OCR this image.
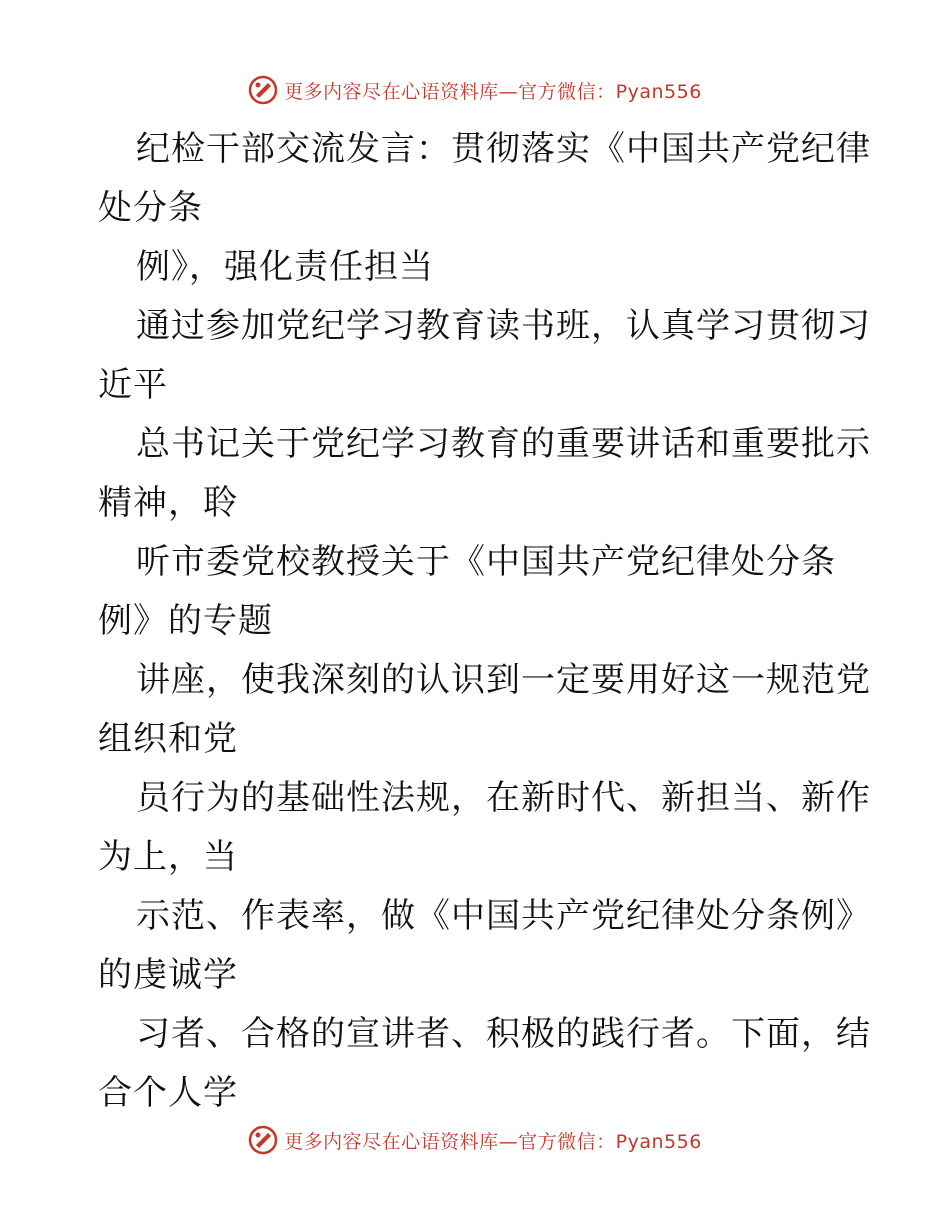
更多内容尽在心语资料库—官方微信：Pyan556
纪检干部交流发言：贯彻落实《中国共产党纪律
处分条
例》，强化责任担当
通过参加党纪学习教育读书班，认真学习贯彻习
近平
总书记关于党纪学习教育的重要讲话和重要批示
精神，聆
听市委党校教授关于《中国共产党纪律处分条
例》的专题
讲座，使我深刻的认识到一定要用好这一规范党
组织和党
员行为的基础性法规，在新时代、新担当、新作
为上，当
示范、作表率，做《中国共产党纪律处分条例》
的虔诚学
习者、合格的宣讲者、积极的践行者。下面，结
合个人学
更多内容尽在心语资料库—官方微信：Pyan556
